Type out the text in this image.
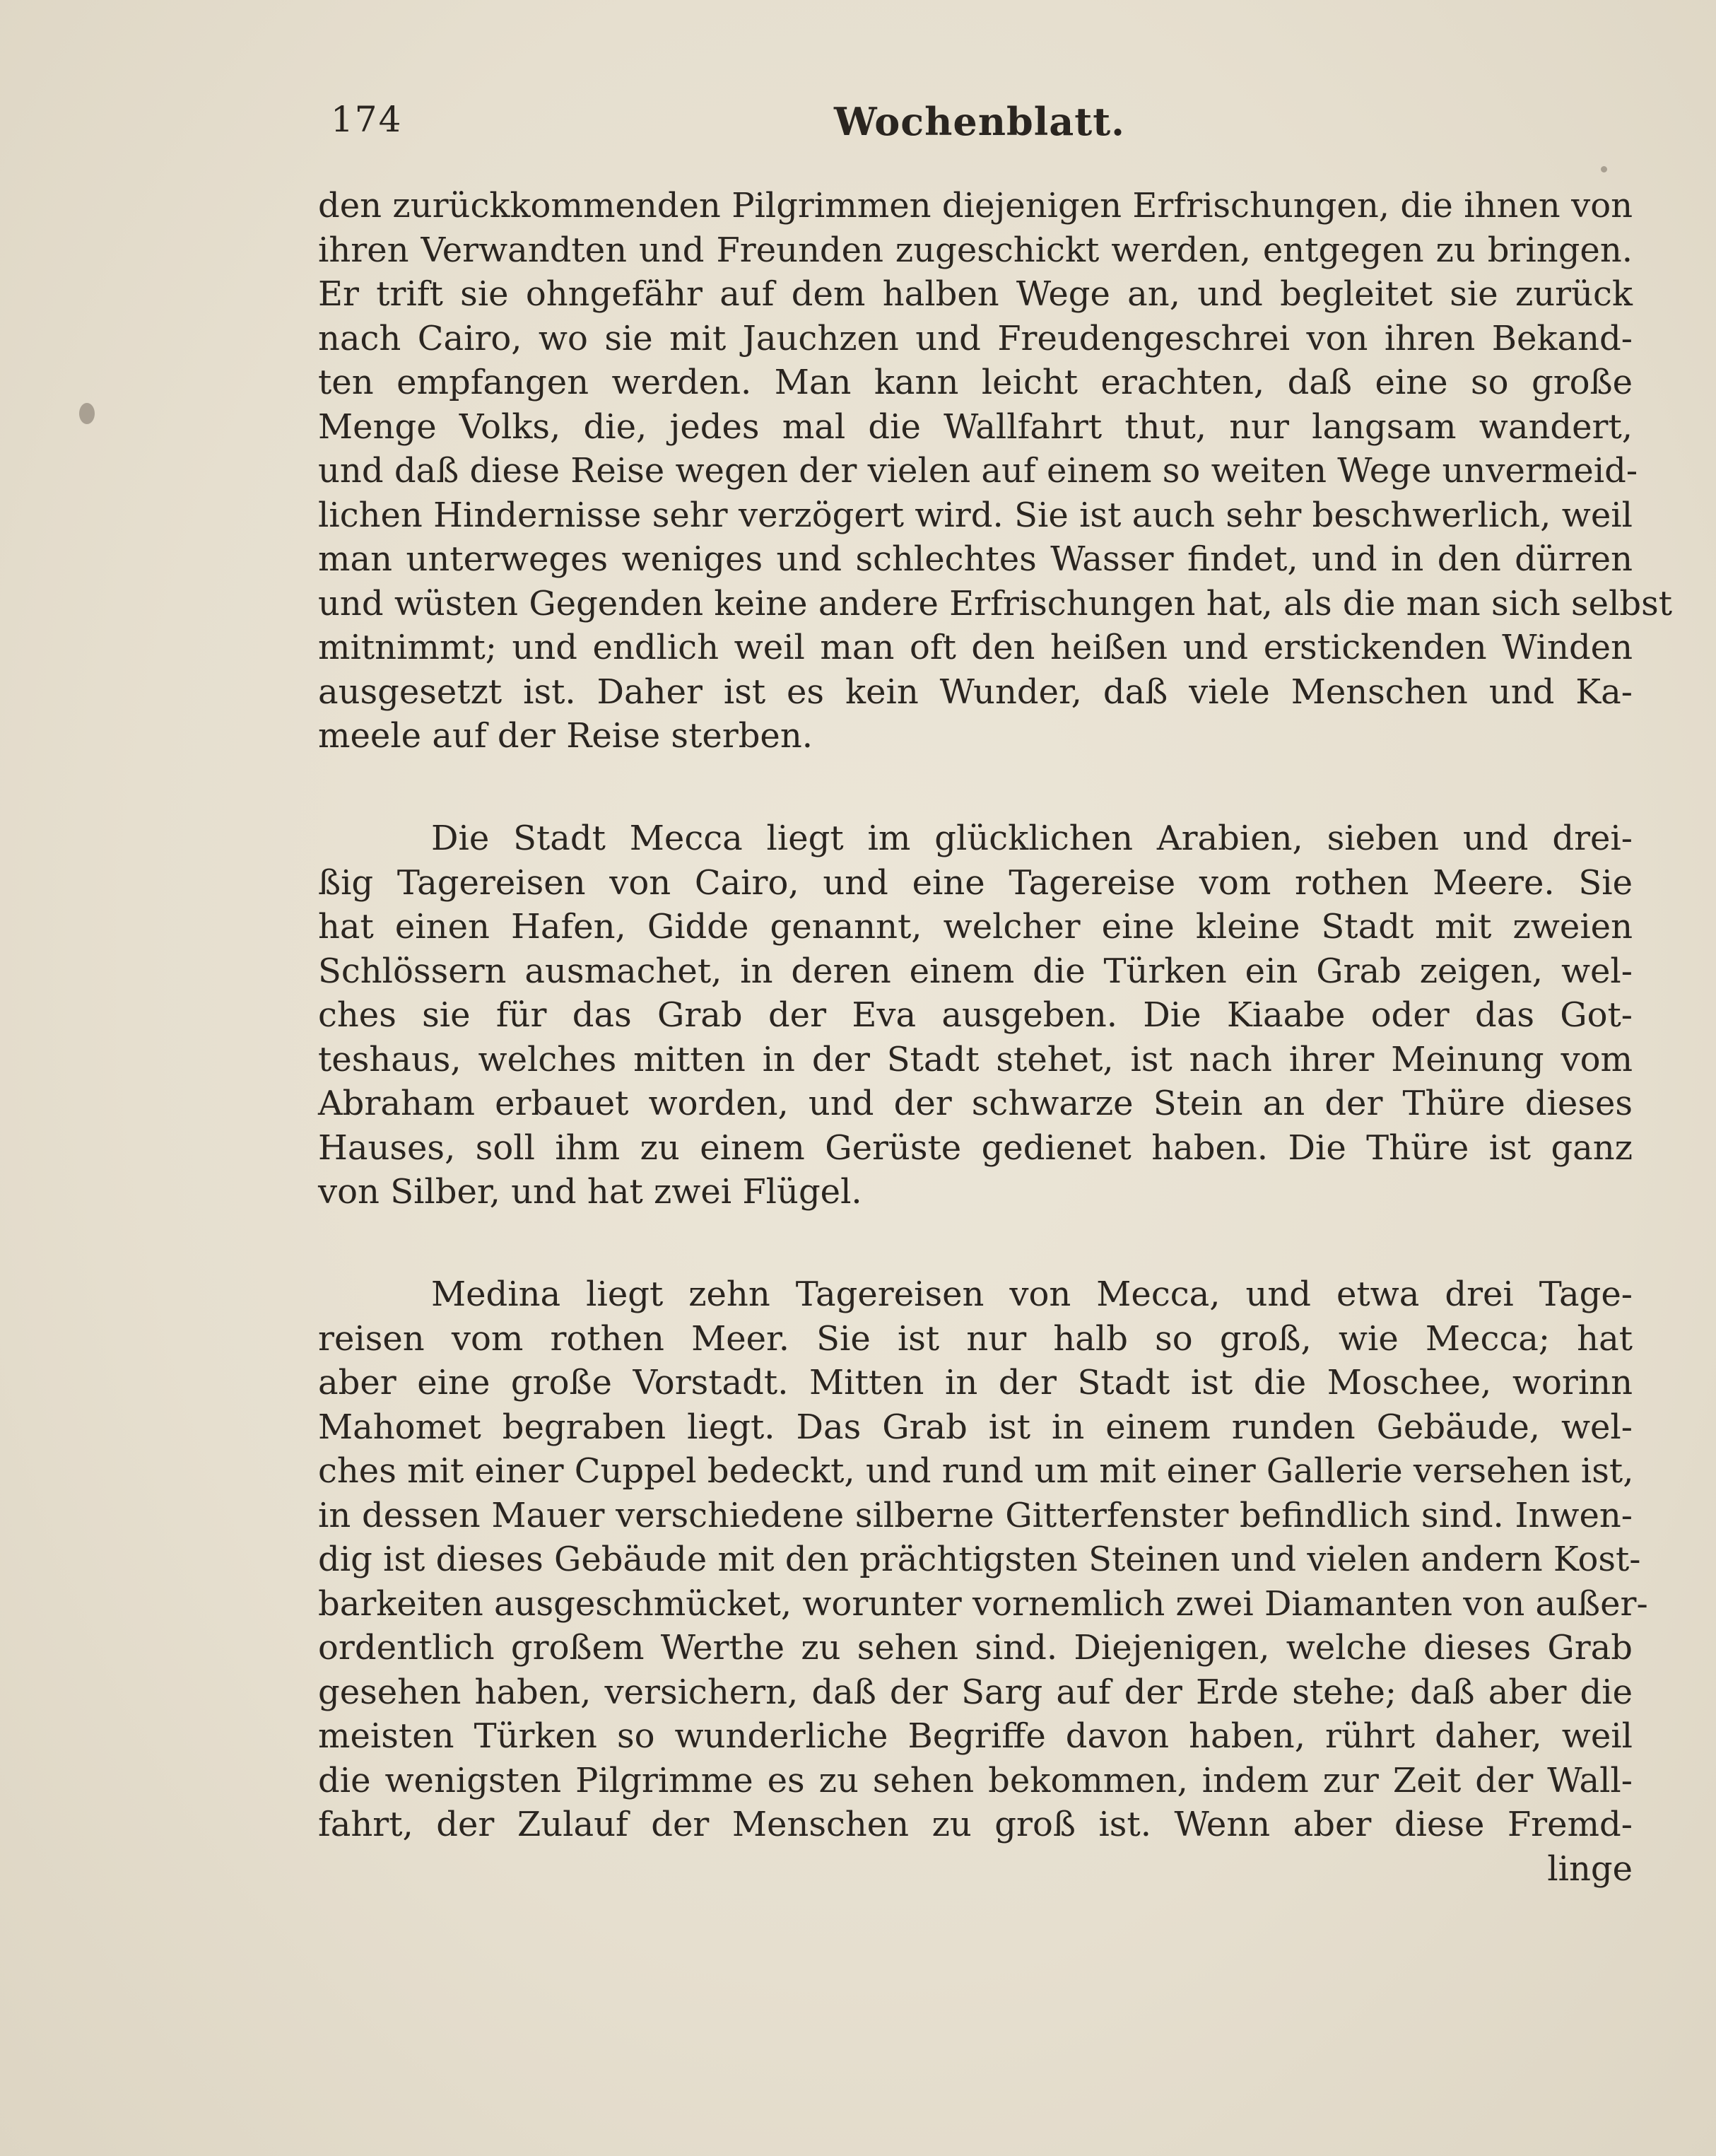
174	Wochenblatt.
den zurückkommenden Pilgrimmen diejenigen Erfrischungen, die ihnen von
ihren Verwandten und Freunden zugeschickt werden, entgegen zu bringen.
Er trift sie ohngefähr auf dem halben Wege an, und begleitet sie zurück
nach Cairo, wo sie mit Jauchzen und Freudengeschrei von ihren Bekand-
ten empfangen werden. Man kann leicht erachten, daß eine so große
Menge Volks, die, jedes mal die Wallfahrt thut, nur langsam wandert,
und daß diese Reise wegen der vielen auf einem so weiten Wege unvermeid-
lichen Hindernisse sehr verzögert wird. Sie ist auch sehr beschwerlich, weil
man unterweges weniges und schlechtes Wasser findet, und in den dürren
und wüsten Gegenden keine andere Erfrischungen hat, als die man sich selbst
mitnimmt; und endlich weil man oft den heißen und erstickenden Winden
ausgesetzt ist. Daher ist es kein Wunder, daß viele Menschen und Ka-
meele auf der Reise sterben.
Die Stadt Mecca liegt im glücklichen Arabien, sieben und drei-
ßig Tagereisen von Cairo, und eine Tagereise vom rothen Meere. Sie
hat einen Hafen, Gidde genannt, welcher eine kleine Stadt mit zweien
Schlössern ausmachet, in deren einem die Türken ein Grab zeigen, wel-
ches sie für das Grab der Eva ausgeben. Die Kiaabe oder das Got-
teshaus, welches mitten in der Stadt stehet, ist nach ihrer Meinung vom
Abraham erbauet worden, und der schwarze Stein an der Thüre dieses
Hauses, soll ihm zu einem Gerüste gedienet haben. Die Thüre ist ganz
von Silber, und hat zwei Flügel.
Medina liegt zehn Tagereisen von Mecca, und etwa drei Tage-
reisen vom rothen Meer. Sie ist nur halb so groß, wie Mecca; hat
aber eine große Vorstadt. Mitten in der Stadt ist die Moschee, worinn
Mahomet begraben liegt. Das Grab ist in einem runden Gebäude, wel-
ches mit einer Cuppel bedeckt, und rund um mit einer Gallerie versehen ist,
in dessen Mauer verschiedene silberne Gitterfenster befindlich sind. Inwen-
dig ist dieses Gebäude mit den prächtigsten Steinen und vielen andern Kost-
barkeiten ausgeschmücket, worunter vornemlich zwei Diamanten von außer-
ordentlich großem Werthe zu sehen sind. Diejenigen, welche dieses Grab
gesehen haben, versichern, daß der Sarg auf der Erde stehe; daß aber die
meisten Türken so wunderliche Begriffe davon haben, rührt daher, weil
die wenigsten Pilgrimme es zu sehen bekommen, indem zur Zeit der Wall-
fahrt, der Zulauf der Menschen zu groß ist. Wenn aber diese Fremd-
linge
